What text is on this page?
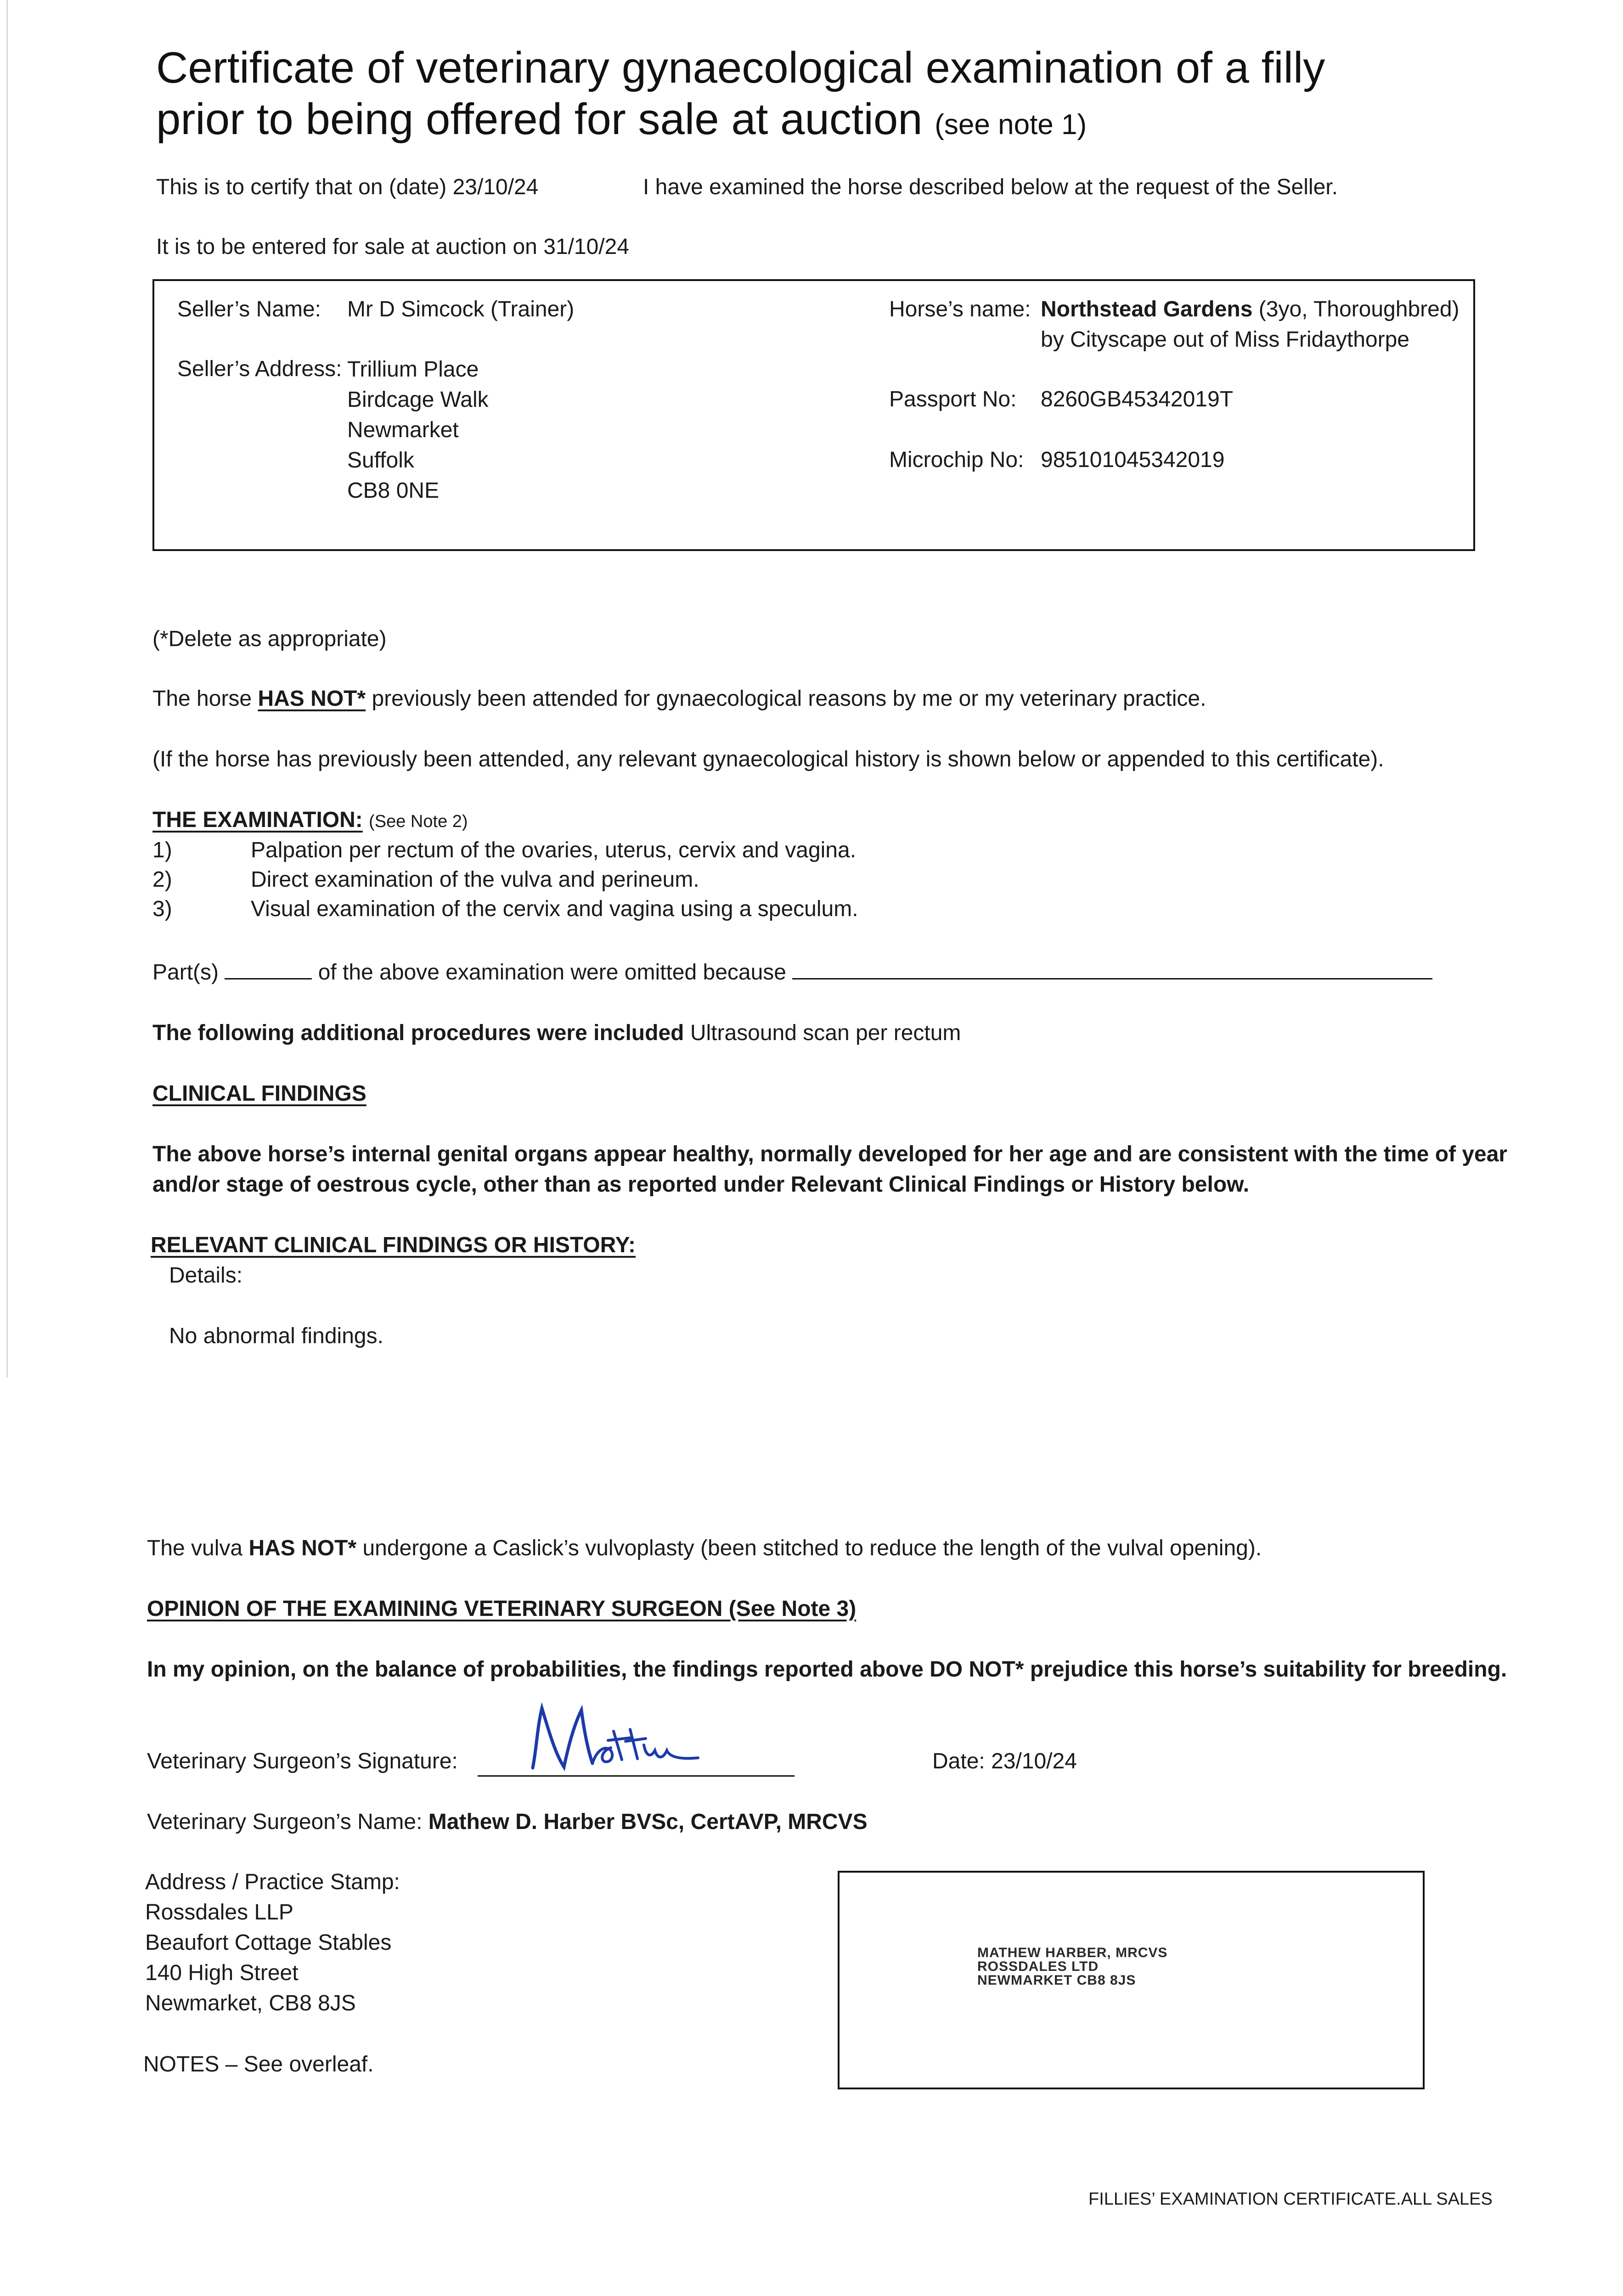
Certificate of veterinary gynaecological examination of a filly
prior to being offered for sale at auction (see note 1)
This is to certify that on (date) 23/10/24	I have examined the horse described below at the request of the Seller.
It is to be entered for sale at auction on 31/10/24
Seller’s Name: Mr D Simcock (Trainer)
Seller’s Address: Trillium Place
Birdcage Walk
Newmarket
Suffolk
CB8 0NE
Horse’s name: Northstead Gardens (3yo, Thoroughbred)
by Cityscape out of Miss Fridaythorpe
Passport No: 8260GB45342019T
Microchip No: 985101045342019
(*Delete as appropriate)
The horse HAS NOT* previously been attended for gynaecological reasons by me or my veterinary practice.
(If the horse has previously been attended, any relevant gynaecological history is shown below or appended to this certificate).
THE EXAMINATION: (See Note 2)
1)	Palpation per rectum of the ovaries, uterus, cervix and vagina.
2)	Direct examination of the vulva and perineum.
3)	Visual examination of the cervix and vagina using a speculum.
Part(s)	of the above examination were omitted because
The following additional procedures were included Ultrasound scan per rectum
CLINICAL FINDINGS
The above horse’s internal genital organs appear healthy, normally developed for her age and are consistent with the time of year
and/or stage of oestrous cycle, other than as reported under Relevant Clinical Findings or History below.
RELEVANT CLINICAL FINDINGS OR HISTORY:
Details:
No abnormal findings.
The vulva HAS NOT* undergone a Caslick’s vulvoplasty (been stitched to reduce the length of the vulval opening).
OPINION OF THE EXAMINING VETERINARY SURGEON (See Note 3)
In my opinion, on the balance of probabilities, the findings reported above DO NOT* prejudice this horse’s suitability for breeding.
Veterinary Surgeon’s Signature:	Date: 23/10/24
Veterinary Surgeon’s Name: Mathew D. Harber BVSc, CertAVP, MRCVS
Address / Practice Stamp:
Rossdales LLP
Beaufort Cottage Stables
140 High Street
Newmarket, CB8 8JS
NOTES – See overleaf.
MATHEW HARBER, MRCVS
ROSSDALES LTD
NEWMARKET CB8 8JS
FILLIES’ EXAMINATION CERTIFICATE.ALL SALES
